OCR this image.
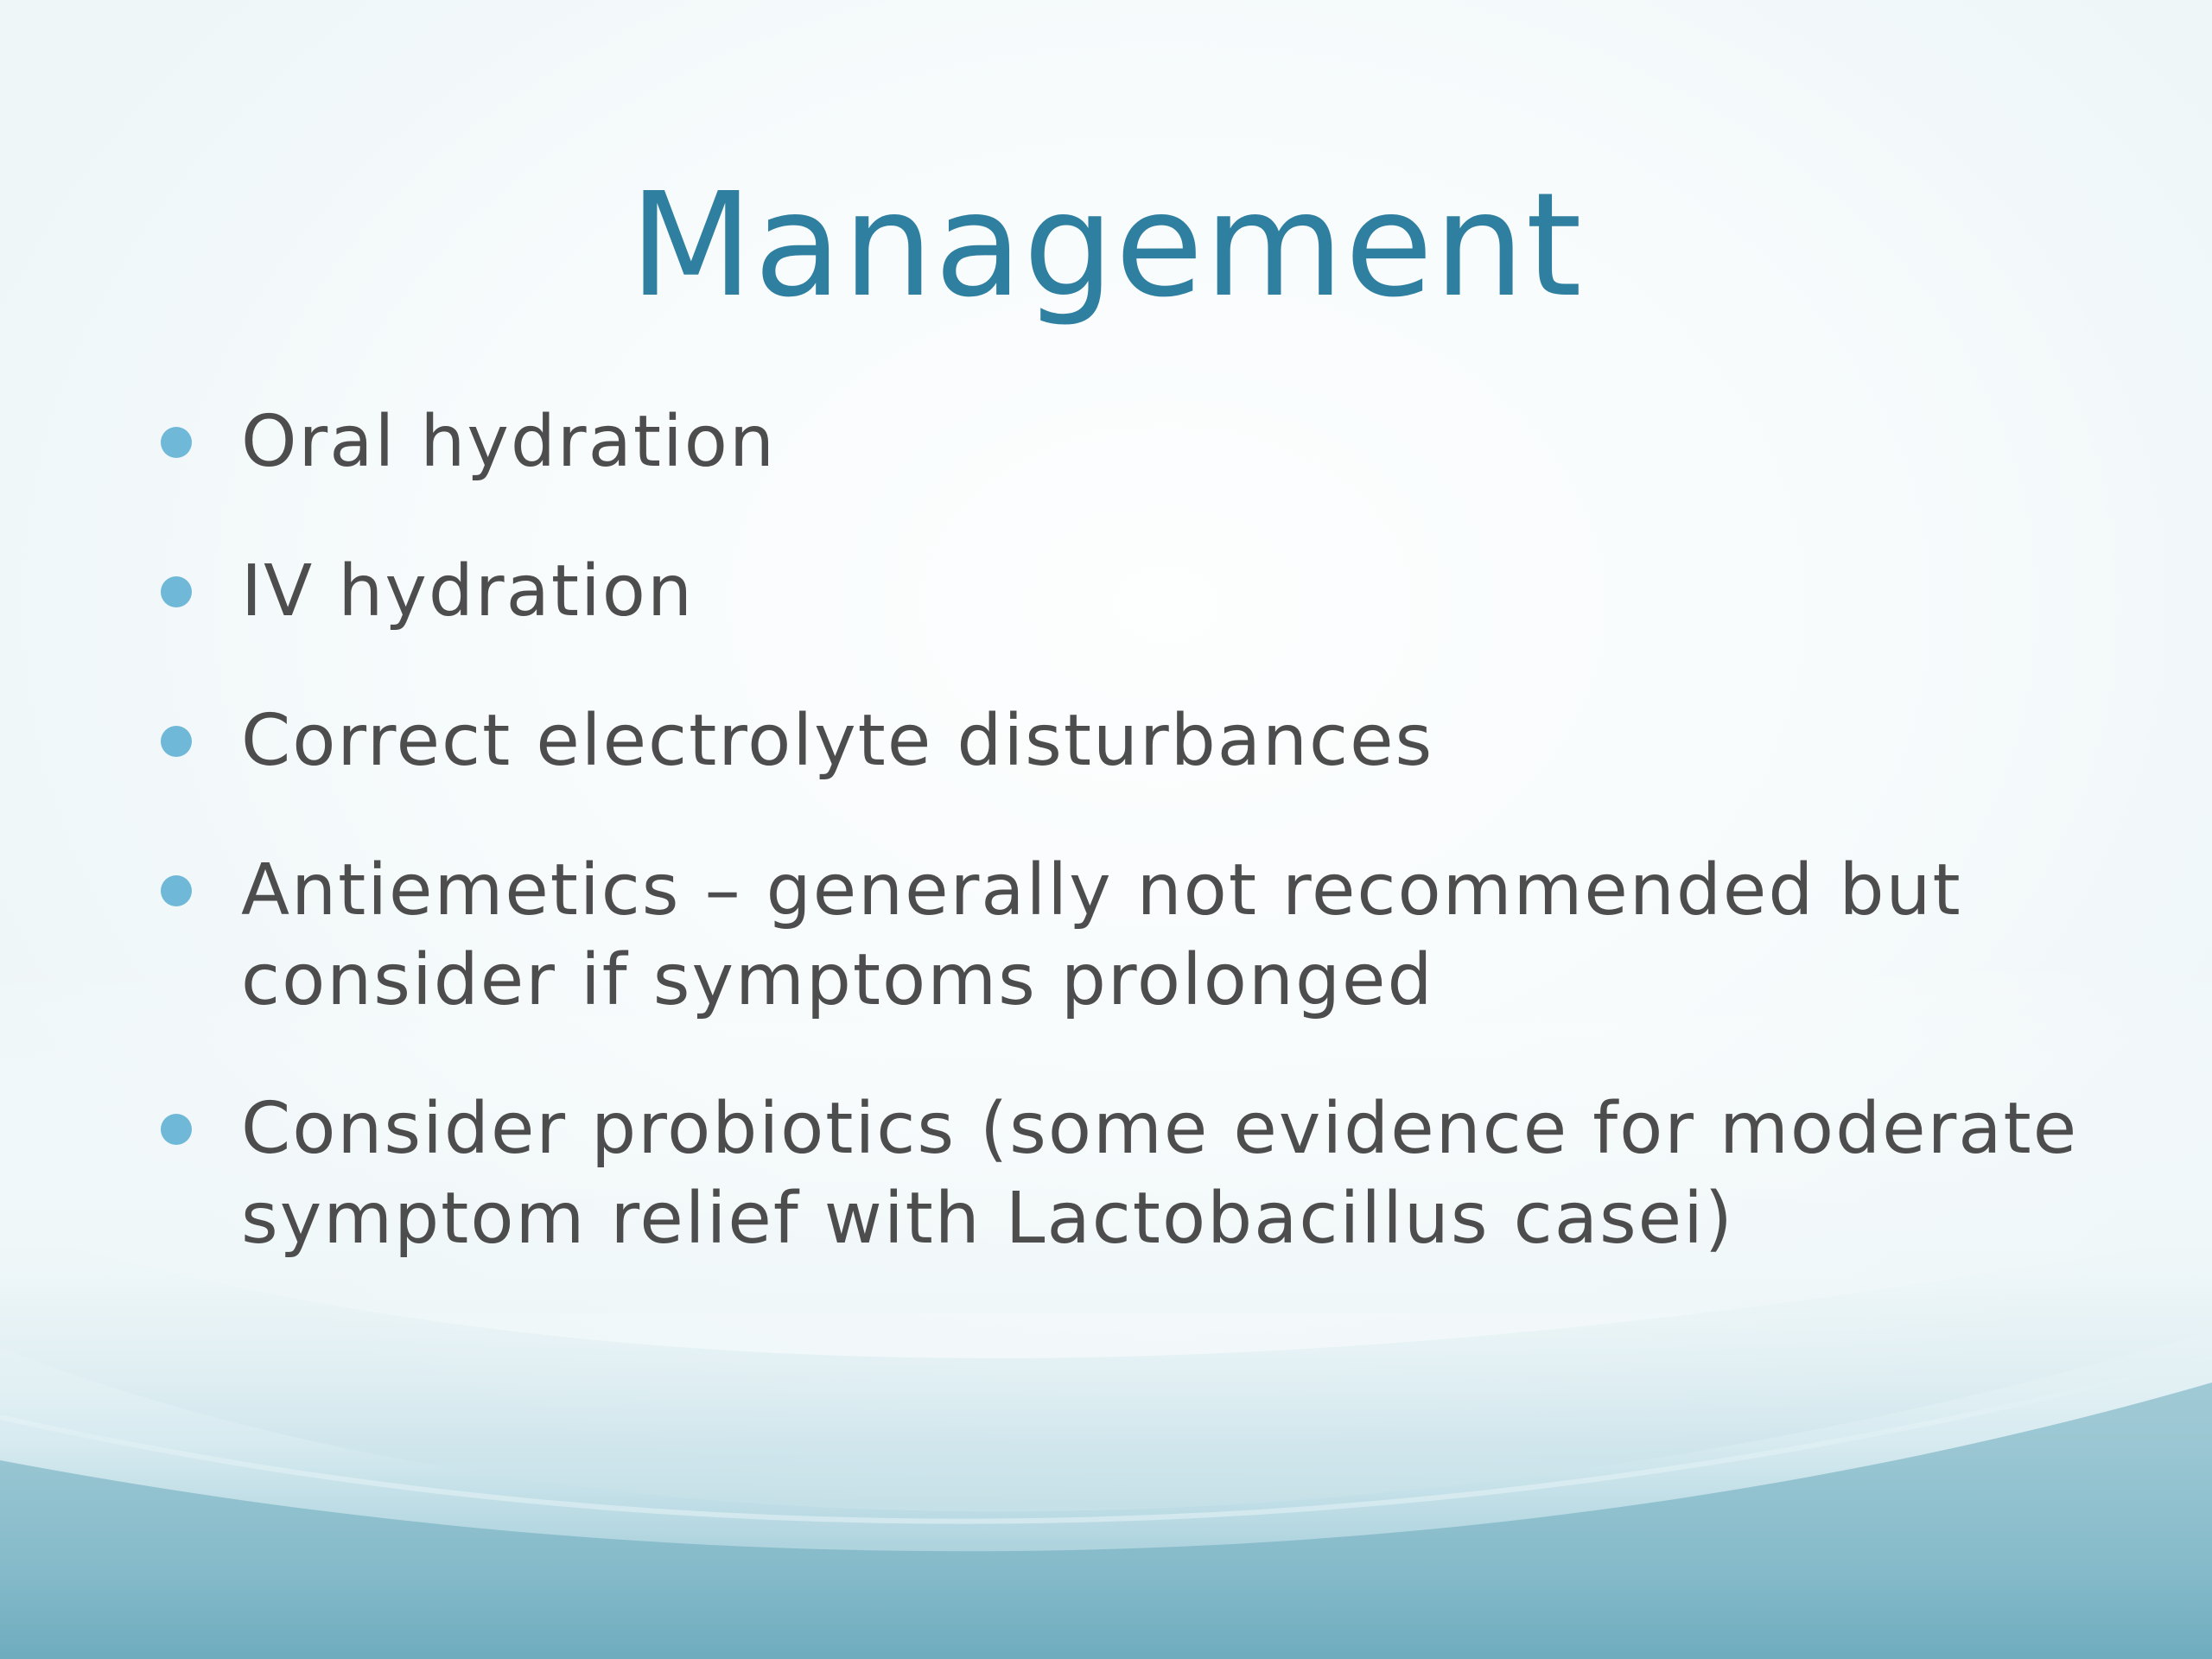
Management
Oral hydration
IV hydration
Correct electrolyte disturbances
Antiemetics – generally not recommended but consider if symptoms prolonged
Consider probiotics (some evidence for moderate symptom relief with Lactobacillus casei)
